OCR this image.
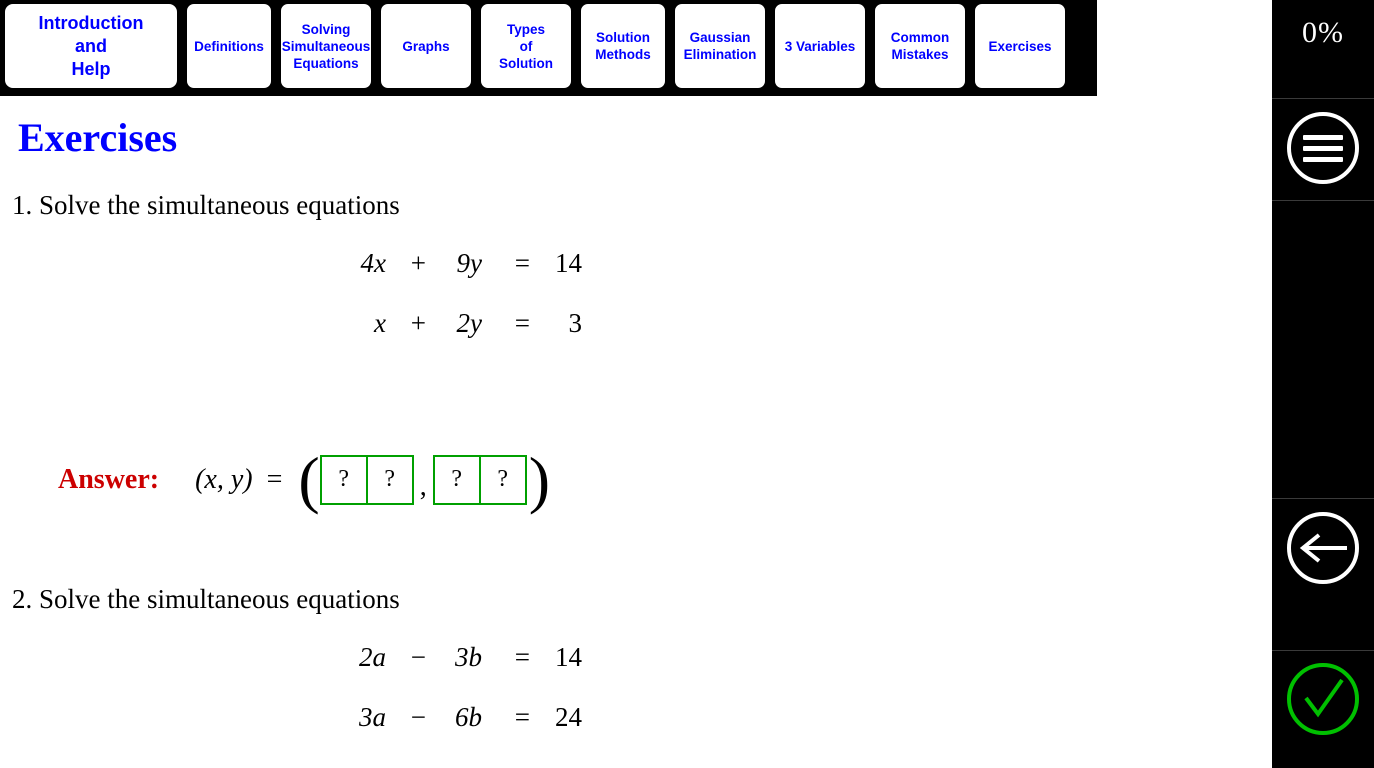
Introduction
and
Help
Definitions
Solving
Simultaneous
Equations
Graphs
Types
of
Solution
Solution
Methods
Gaussian
Elimination
3 Variables
Common
Mistakes
Exercises
Exercises
1. Solve the simultaneous equations
4x +	9y	= 14
x +	2y	=	3
Answer: (x, y) = ( ?	? ,	?	? )
2. Solve the simultaneous equations
2a −	3b	= 14
3a −	6b	= 24
0%
